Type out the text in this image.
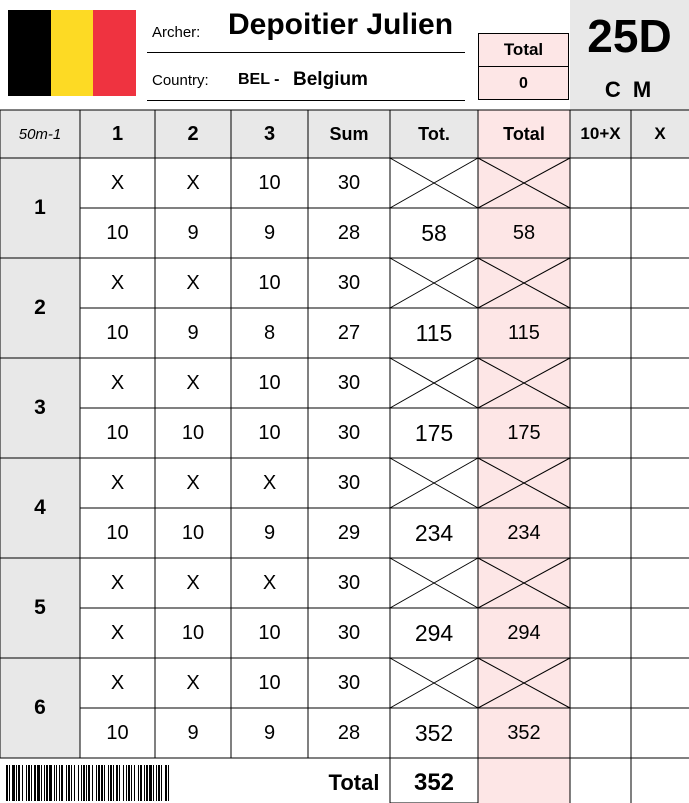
Archer: Depoitier Julien
Country: BEL - Belgium
Total
0
25D
C M
50m-1	1	2	3	Sum	Tot.	Total	10+X	X
1
X	X	10	30
10	9	9	28	58	58
2
X	X	10	30
10	9	8	27	115	115
3
X	X	10	30
10	10	10	30	175	175
4
X	X	X	30
10	10	9	29	234	234
5
X	X	X	30
X	10	10	30	294	294
6
X	X	10	30
10	9	9	28	352	352
Total	352
